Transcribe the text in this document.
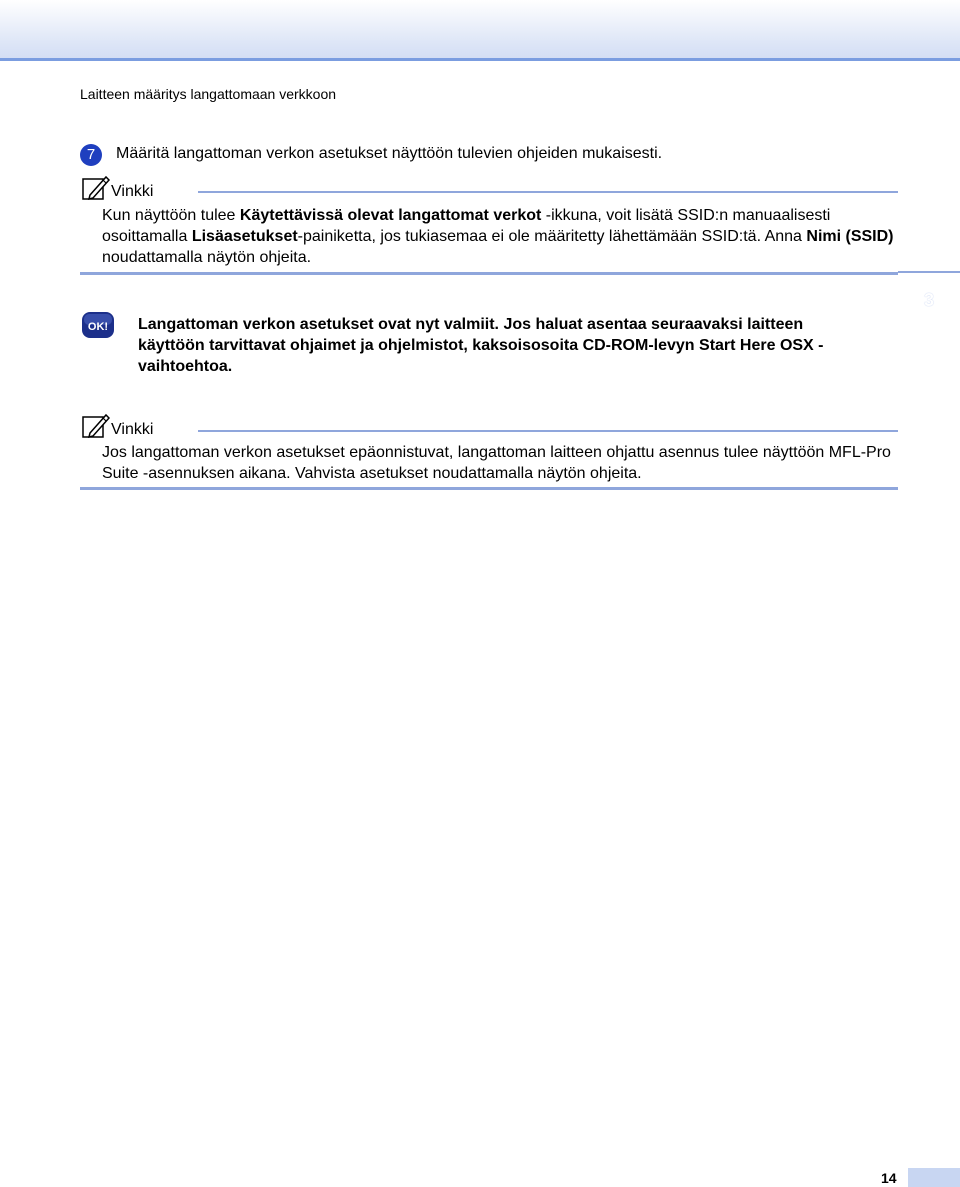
Laitteen määritys langattomaan verkkoon
7	Määritä langattoman verkon asetukset näyttöön tulevien ohjeiden mukaisesti.
Vinkki
Kun näyttöön tulee Käytettävissä olevat langattomat verkot -ikkuna, voit lisätä SSID:n manuaalisesti osoittamalla Lisäasetukset-painiketta, jos tukiasemaa ei ole määritetty lähettämään SSID:tä. Anna Nimi (SSID) noudattamalla näytön ohjeita.
3
OK! Langattoman verkon asetukset ovat nyt valmiit. Jos haluat asentaa seuraavaksi laitteen käyttöön tarvittavat ohjaimet ja ohjelmistot, kaksoisosoita CD-ROM-levyn Start Here OSX -vaihtoehtoa.
Vinkki
Jos langattoman verkon asetukset epäonnistuvat, langattoman laitteen ohjattu asennus tulee näyttöön MFL-Pro Suite -asennuksen aikana. Vahvista asetukset noudattamalla näytön ohjeita.
14
